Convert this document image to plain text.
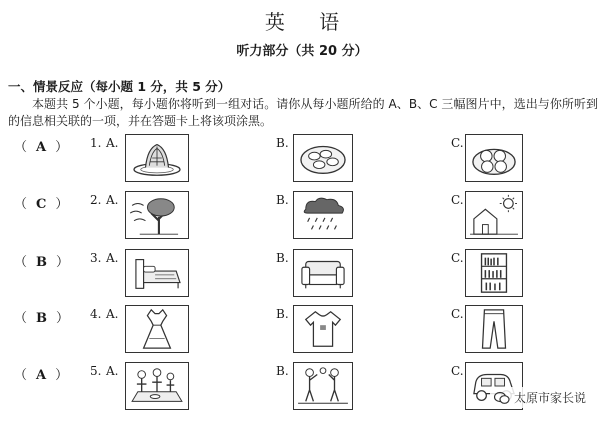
英 语
听力部分（共 20 分）
一、情景反应（每小题 1 分，共 5 分）
本题共 5 个小题，每小题你将听到一组对话。请你从每小题所给的 A、B、C 三幅图片中，选出与你所听到的信息相关联的一项，并在答题卡上将该项涂黑。
（ A ）	1. A.	B.	C.
（ C ）	2. A.	B.	C.
（ B ）	3. A.	B.	C.
（ B ）	4. A.	B.	C.
（ A ）	5. A.	B.	C.
太原市家长说
